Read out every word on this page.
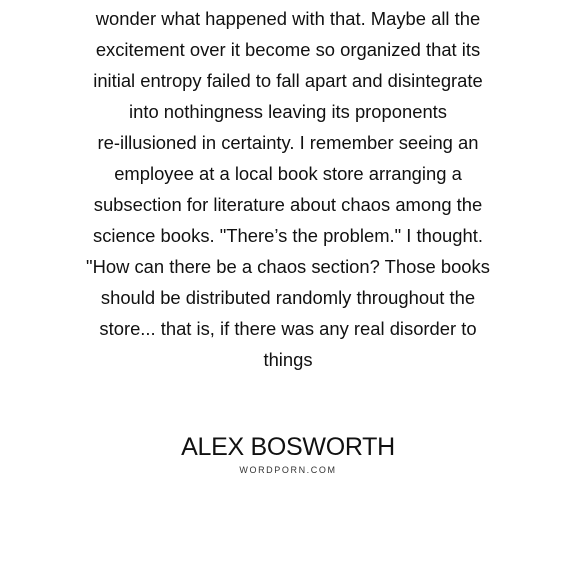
wonder what happened with that. Maybe all the
excitement over it become so organized that its
initial entropy failed to fall apart and disintegrate
into nothingness leaving its proponents
re-illusioned in certainty. I remember seeing an
employee at a local book store arranging a
subsection for literature about chaos among the
science books. "There’s the problem." I thought.
"How can there be a chaos section? Those books
should be distributed randomly throughout the
store... that is, if there was any real disorder to
things

ALEX BOSWORTH
WORDPORN.COM
